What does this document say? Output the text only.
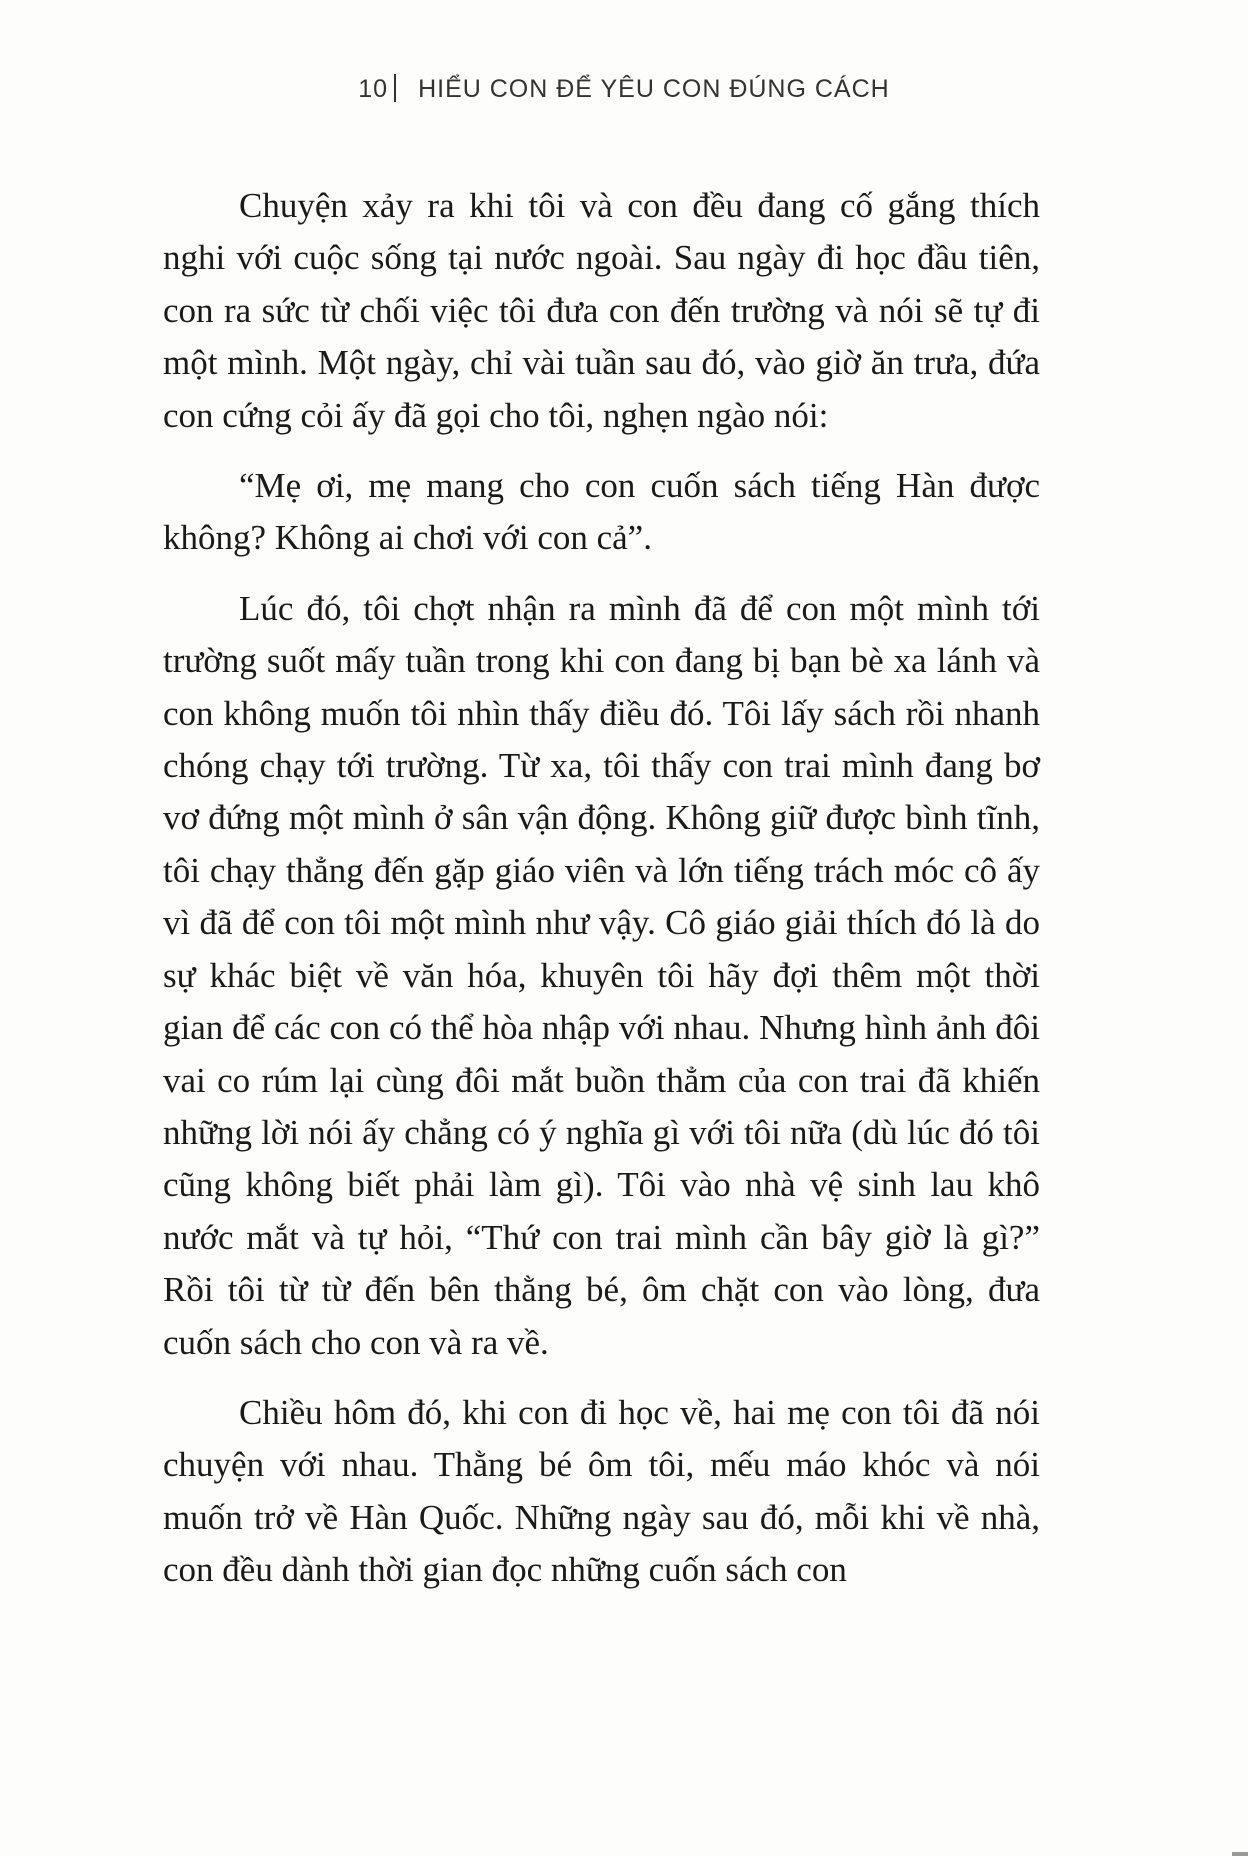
10 HIỂU CON ĐỂ YÊU CON ĐÚNG CÁCH

Chuyện xảy ra khi tôi và con đều đang cố gắng thích nghi với cuộc sống tại nước ngoài. Sau ngày đi học đầu tiên, con ra sức từ chối việc tôi đưa con đến trường và nói sẽ tự đi một mình. Một ngày, chỉ vài tuần sau đó, vào giờ ăn trưa, đứa con cứng cỏi ấy đã gọi cho tôi, nghẹn ngào nói:

“Mẹ ơi, mẹ mang cho con cuốn sách tiếng Hàn được không? Không ai chơi với con cả”.

Lúc đó, tôi chợt nhận ra mình đã để con một mình tới trường suốt mấy tuần trong khi con đang bị bạn bè xa lánh và con không muốn tôi nhìn thấy điều đó. Tôi lấy sách rồi nhanh chóng chạy tới trường. Từ xa, tôi thấy con trai mình đang bơ vơ đứng một mình ở sân vận động. Không giữ được bình tĩnh, tôi chạy thẳng đến gặp giáo viên và lớn tiếng trách móc cô ấy vì đã để con tôi một mình như vậy. Cô giáo giải thích đó là do sự khác biệt về văn hóa, khuyên tôi hãy đợi thêm một thời gian để các con có thể hòa nhập với nhau. Nhưng hình ảnh đôi vai co rúm lại cùng đôi mắt buồn thẳm của con trai đã khiến những lời nói ấy chẳng có ý nghĩa gì với tôi nữa (dù lúc đó tôi cũng không biết phải làm gì). Tôi vào nhà vệ sinh lau khô nước mắt và tự hỏi, “Thứ con trai mình cần bây giờ là gì?” Rồi tôi từ từ đến bên thằng bé, ôm chặt con vào lòng, đưa cuốn sách cho con và ra về.

Chiều hôm đó, khi con đi học về, hai mẹ con tôi đã nói chuyện với nhau. Thằng bé ôm tôi, mếu máo khóc và nói muốn trở về Hàn Quốc. Những ngày sau đó, mỗi khi về nhà, con đều dành thời gian đọc những cuốn sách con
